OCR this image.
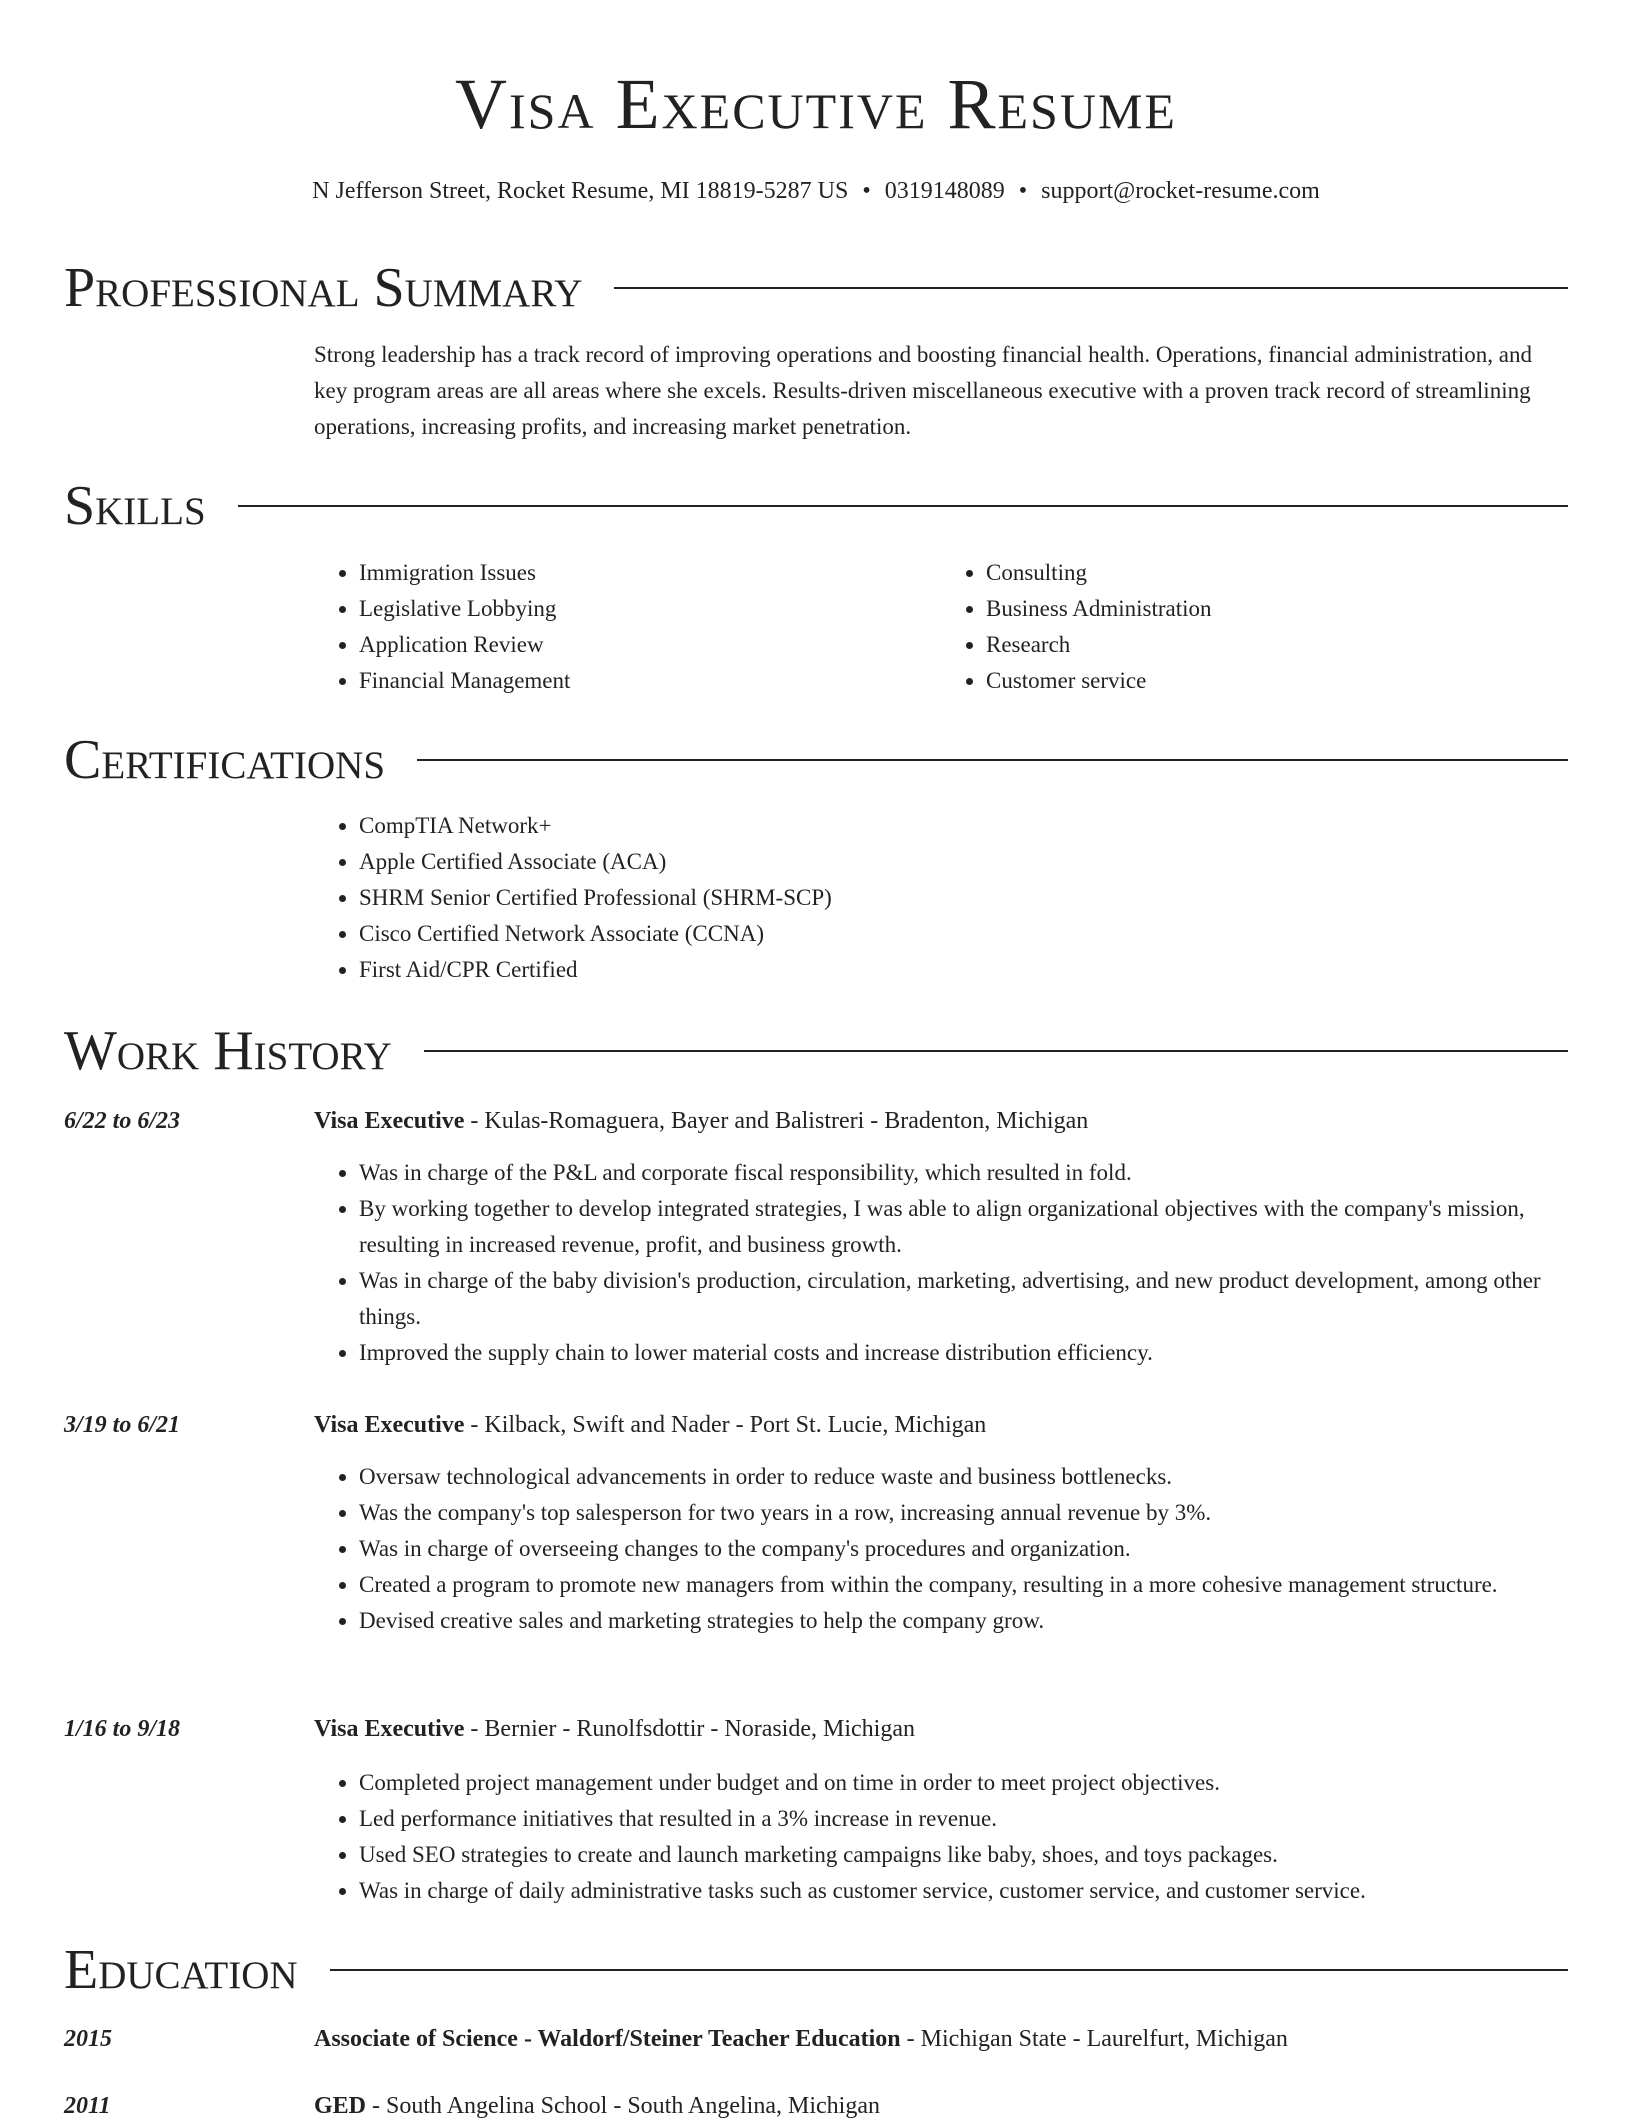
Visa Executive Resume
N Jefferson Street, Rocket Resume, MI 18819-5287 US • 0319148089 • support@rocket-resume.com
Professional Summary
Strong leadership has a track record of improving operations and boosting financial health. Operations, financial administration, and key program areas are all areas where she excels. Results-driven miscellaneous executive with a proven track record of streamlining operations, increasing profits, and increasing market penetration.
Skills
• Immigration Issues
• Legislative Lobbying
• Application Review
• Financial Management
• Consulting
• Business Administration
• Research
• Customer service
Certifications
• CompTIA Network+
• Apple Certified Associate (ACA)
• SHRM Senior Certified Professional (SHRM-SCP)
• Cisco Certified Network Associate (CCNA)
• First Aid/CPR Certified
Work History
6/22 to 6/23	Visa Executive - Kulas-Romaguera, Bayer and Balistreri - Bradenton, Michigan
• Was in charge of the P&L and corporate fiscal responsibility, which resulted in fold.
• By working together to develop integrated strategies, I was able to align organizational objectives with the company's mission, resulting in increased revenue, profit, and business growth.
• Was in charge of the baby division's production, circulation, marketing, advertising, and new product development, among other things.
• Improved the supply chain to lower material costs and increase distribution efficiency.
3/19 to 6/21	Visa Executive - Kilback, Swift and Nader - Port St. Lucie, Michigan
• Oversaw technological advancements in order to reduce waste and business bottlenecks.
• Was the company's top salesperson for two years in a row, increasing annual revenue by 3%.
• Was in charge of overseeing changes to the company's procedures and organization.
• Created a program to promote new managers from within the company, resulting in a more cohesive management structure.
• Devised creative sales and marketing strategies to help the company grow.
1/16 to 9/18	Visa Executive - Bernier - Runolfsdottir - Noraside, Michigan
• Completed project management under budget and on time in order to meet project objectives.
• Led performance initiatives that resulted in a 3% increase in revenue.
• Used SEO strategies to create and launch marketing campaigns like baby, shoes, and toys packages.
• Was in charge of daily administrative tasks such as customer service, customer service, and customer service.
Education
2015	Associate of Science - Waldorf/Steiner Teacher Education - Michigan State - Laurelfurt, Michigan
2011	GED - South Angelina School - South Angelina, Michigan
